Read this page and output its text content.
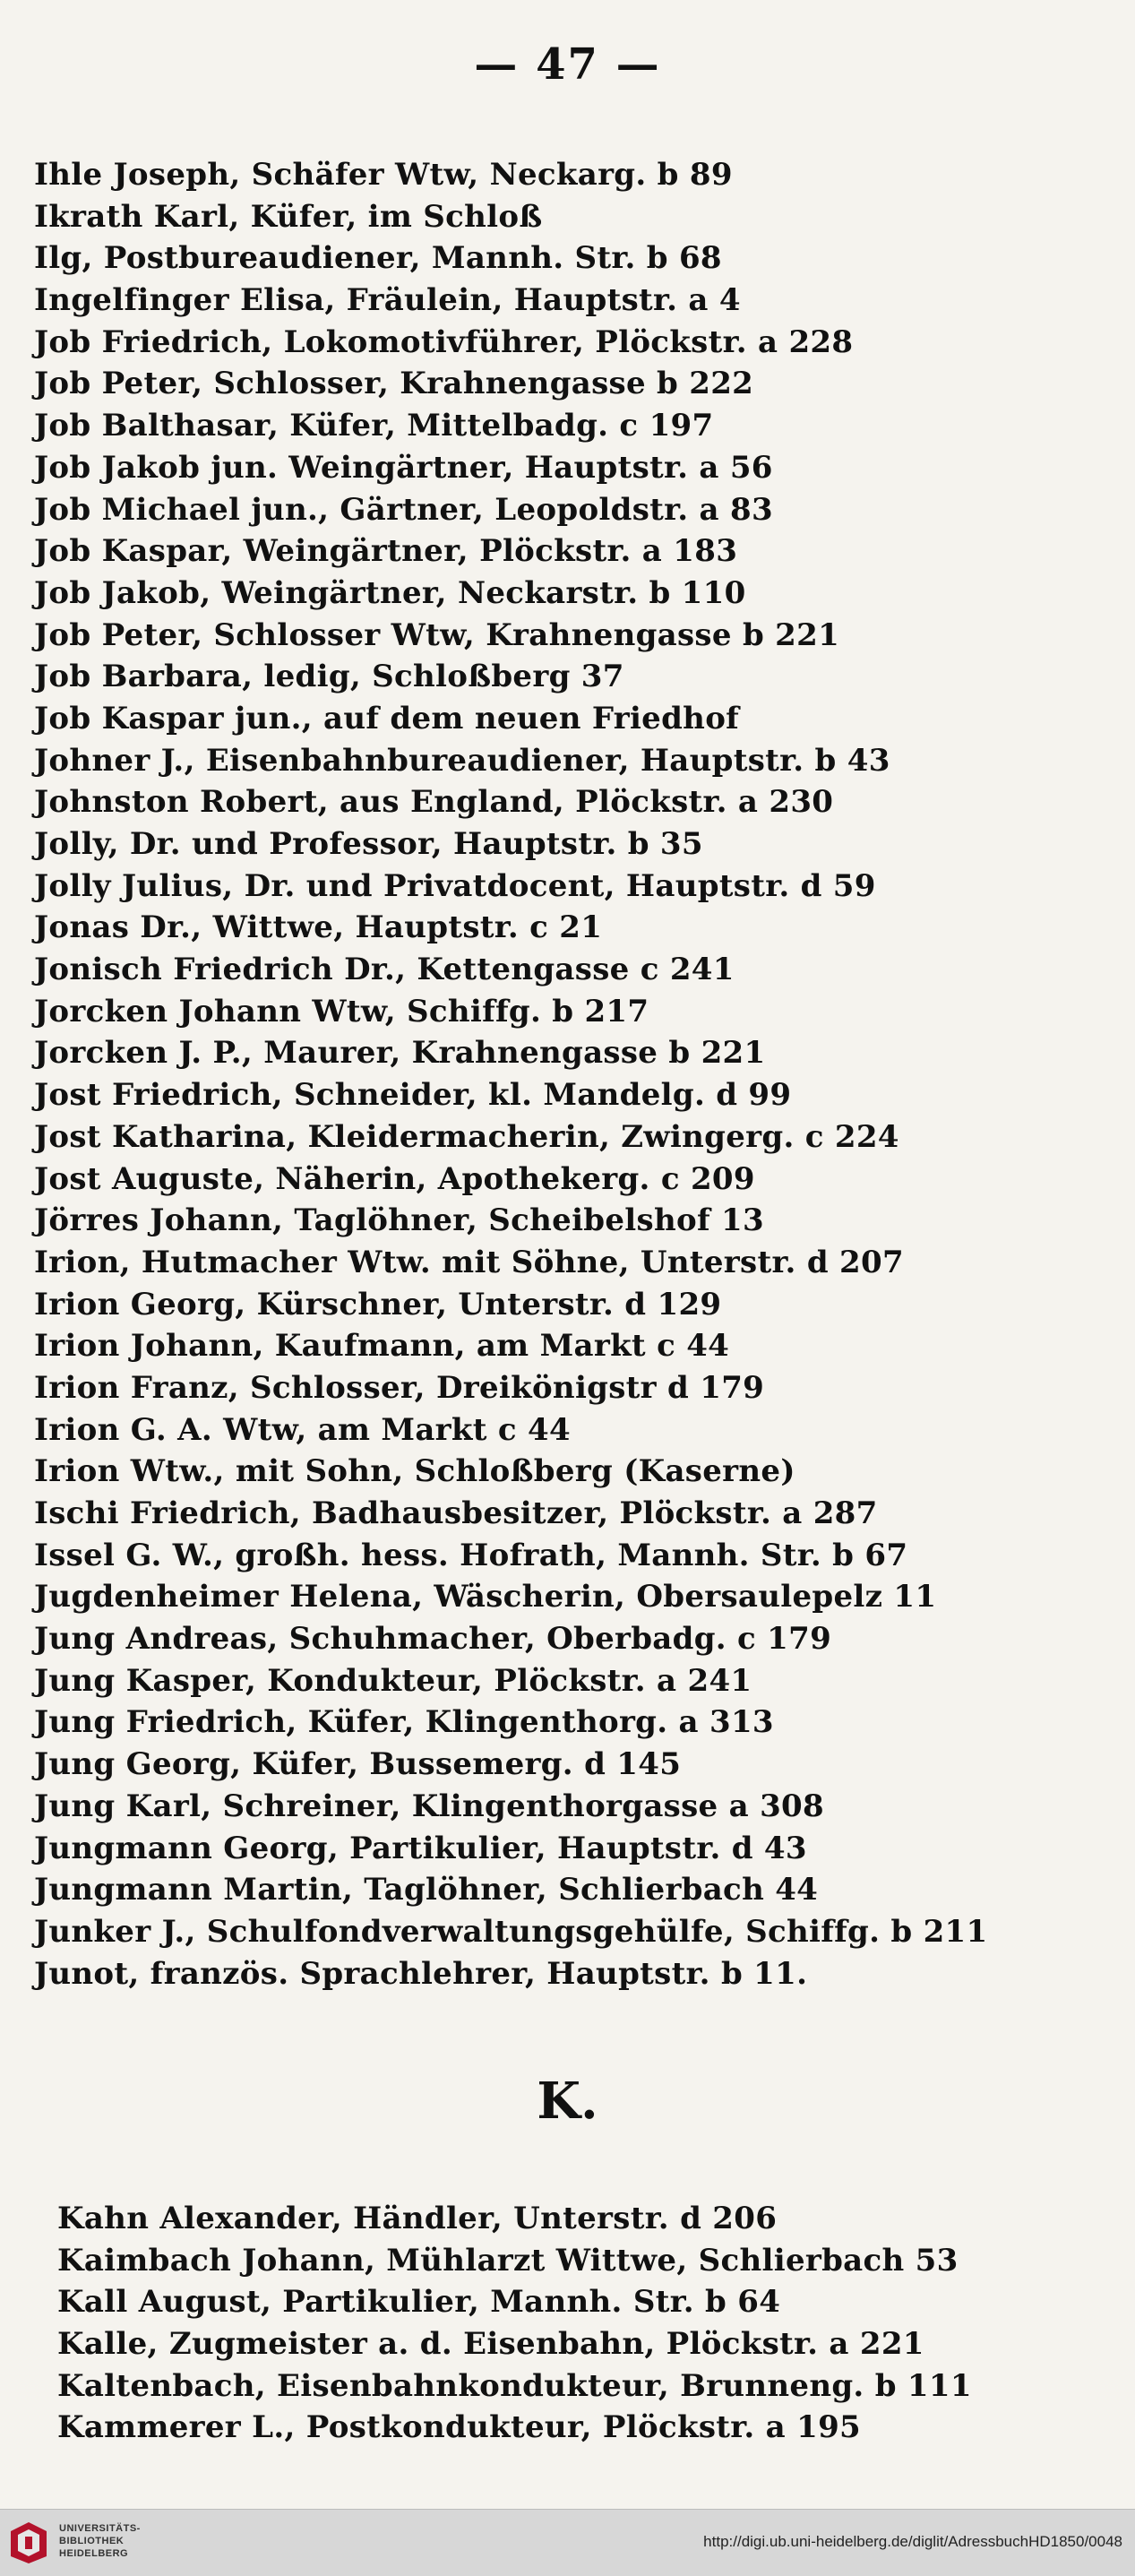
— 47 —
Ihle Joseph, Schäfer Wtw, Neckarg. b 89
Ikrath Karl, Küfer, im Schloß
Ilg, Postbureaudiener, Mannh. Str. b 68
Ingelfinger Elisa, Fräulein, Hauptstr. a 4
Job Friedrich, Lokomotivführer, Plöckstr. a 228
Job Peter, Schlosser, Krahnengasse b 222
Job Balthasar, Küfer, Mittelbadg. c 197
Job Jakob jun. Weingärtner, Hauptstr. a 56
Job Michael jun., Gärtner, Leopoldstr. a 83
Job Kaspar, Weingärtner, Plöckstr. a 183
Job Jakob, Weingärtner, Neckarstr. b 110
Job Peter, Schlosser Wtw, Krahnengasse b 221
Job Barbara, ledig, Schloßberg 37
Job Kaspar jun., auf dem neuen Friedhof
Johner J., Eisenbahnbureaudiener, Hauptstr. b 43
Johnston Robert, aus England, Plöckstr. a 230
Jolly, Dr. und Professor, Hauptstr. b 35
Jolly Julius, Dr. und Privatdocent, Hauptstr. d 59
Jonas Dr., Wittwe, Hauptstr. c 21
Jonisch Friedrich Dr., Kettengasse c 241
Jorcken Johann Wtw, Schiffg. b 217
Jorcken J. P., Maurer, Krahnengasse b 221
Jost Friedrich, Schneider, kl. Mandelg. d 99
Jost Katharina, Kleidermacherin, Zwingerg. c 224
Jost Auguste, Näherin, Apothekerg. c 209
Jörres Johann, Taglöhner, Scheibelshof 13
Irion, Hutmacher Wtw. mit Söhne, Unterstr. d 207
Irion Georg, Kürschner, Unterstr. d 129
Irion Johann, Kaufmann, am Markt c 44
Irion Franz, Schlosser, Dreikönigstr d 179
Irion G. A. Wtw, am Markt c 44
Irion Wtw., mit Sohn, Schloßberg (Kaserne)
Ischi Friedrich, Badhausbesitzer, Plöckstr. a 287
Issel G. W., großh. hess. Hofrath, Mannh. Str. b 67
Jugdenheimer Helena, Wäscherin, Obersaulepelz 11
Jung Andreas, Schuhmacher, Oberbadg. c 179
Jung Kasper, Kondukteur, Plöckstr. a 241
Jung Friedrich, Küfer, Klingenthorg. a 313
Jung Georg, Küfer, Bussemerg. d 145
Jung Karl, Schreiner, Klingenthorgasse a 308
Jungmann Georg, Partikulier, Hauptstr. d 43
Jungmann Martin, Taglöhner, Schlierbach 44
Junker J., Schulfondverwaltungsgehülfe, Schiffg. b 211
Junot, französ. Sprachlehrer, Hauptstr. b 11.
K.
Kahn Alexander, Händler, Unterstr. d 206
Kaimbach Johann, Mühlarzt Wittwe, Schlierbach 53
Kall August, Partikulier, Mannh. Str. b 64
Kalle, Zugmeister a. d. Eisenbahn, Plöckstr. a 221
Kaltenbach, Eisenbahnkondukteur, Brunneng. b 111
Kammerer L., Postkondukteur, Plöckstr. a 195
UNIVERSITÄTS-
BIBLIOTHEK
HEIDELBERG
http://digi.ub.uni-heidelberg.de/diglit/AdressbuchHD1850/0048
